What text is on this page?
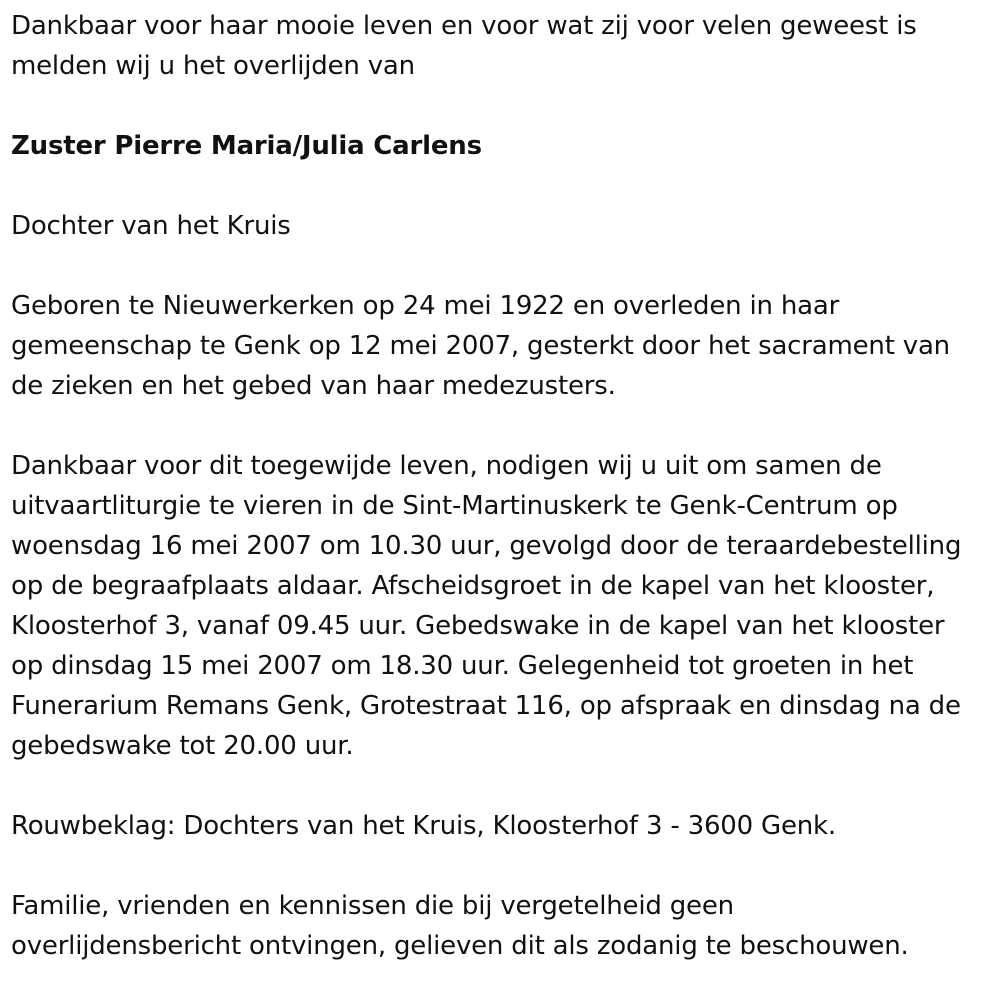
Dankbaar voor haar mooie leven en voor wat zij voor velen geweest is
melden wij u het overlijden van

Zuster Pierre Maria/Julia Carlens

Dochter van het Kruis

Geboren te Nieuwerkerken op 24 mei 1922 en overleden in haar
gemeenschap te Genk op 12 mei 2007, gesterkt door het sacrament van
de zieken en het gebed van haar medezusters.

Dankbaar voor dit toegewijde leven, nodigen wij u uit om samen de
uitvaartliturgie te vieren in de Sint-Martinuskerk te Genk-Centrum op
woensdag 16 mei 2007 om 10.30 uur, gevolgd door de teraardebestelling
op de begraafplaats aldaar. Afscheidsgroet in de kapel van het klooster,
Kloosterhof 3, vanaf 09.45 uur. Gebedswake in de kapel van het klooster
op dinsdag 15 mei 2007 om 18.30 uur. Gelegenheid tot groeten in het
Funerarium Remans Genk, Grotestraat 116, op afspraak en dinsdag na de
gebedswake tot 20.00 uur.

Rouwbeklag: Dochters van het Kruis, Kloosterhof 3 - 3600 Genk.

Familie, vrienden en kennissen die bij vergetelheid geen
overlijdensbericht ontvingen, gelieven dit als zodanig te beschouwen.
